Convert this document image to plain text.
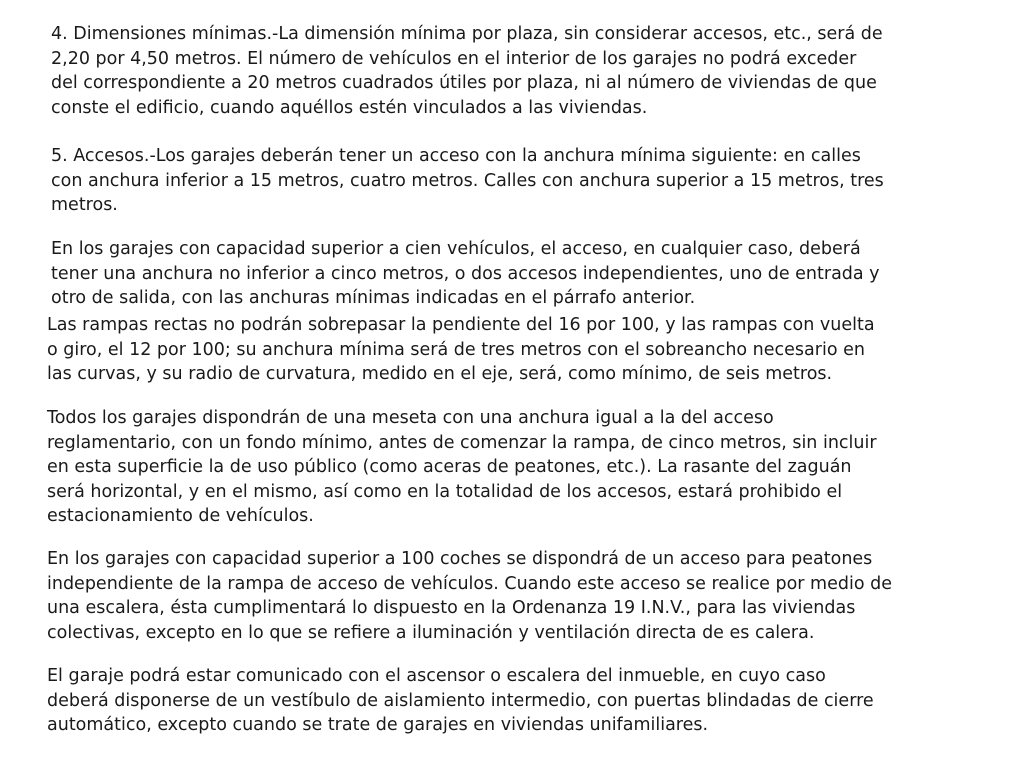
4. Dimensiones mínimas.-La dimensión mínima por plaza, sin considerar accesos, etc., será de
2,20 por 4,50 metros. El número de vehículos en el interior de los garajes no podrá exceder
del correspondiente a 20 metros cuadrados útiles por plaza, ni al número de viviendas de que
conste el edificio, cuando aquéllos estén vinculados a las viviendas.

5. Accesos.-Los garajes deberán tener un acceso con la anchura mínima siguiente: en calles
con anchura inferior a 15 metros, cuatro metros. Calles con anchura superior a 15 metros, tres
metros.

En los garajes con capacidad superior a cien vehículos, el acceso, en cualquier caso, deberá
tener una anchura no inferior a cinco metros, o dos accesos independientes, uno de entrada y
otro de salida, con las anchuras mínimas indicadas en el párrafo anterior.

Las rampas rectas no podrán sobrepasar la pendiente del 16 por 100, y las rampas con vuelta
o giro, el 12 por 100; su anchura mínima será de tres metros con el sobreancho necesario en
las curvas, y su radio de curvatura, medido en el eje, será, como mínimo, de seis metros.

Todos los garajes dispondrán de una meseta con una anchura igual a la del acceso
reglamentario, con un fondo mínimo, antes de comenzar la rampa, de cinco metros, sin incluir
en esta superficie la de uso público (como aceras de peatones, etc.). La rasante del zaguán
será horizontal, y en el mismo, así como en la totalidad de los accesos, estará prohibido el
estacionamiento de vehículos.

En los garajes con capacidad superior a 100 coches se dispondrá de un acceso para peatones
independiente de la rampa de acceso de vehículos. Cuando este acceso se realice por medio de
una escalera, ésta cumplimentará lo dispuesto en la Ordenanza 19 I.N.V., para las viviendas
colectivas, excepto en lo que se refiere a iluminación y ventilación directa de es calera.

El garaje podrá estar comunicado con el ascensor o escalera del inmueble, en cuyo caso
deberá disponerse de un vestíbulo de aislamiento intermedio, con puertas blindadas de cierre
automático, excepto cuando se trate de garajes en viviendas unifamiliares.
